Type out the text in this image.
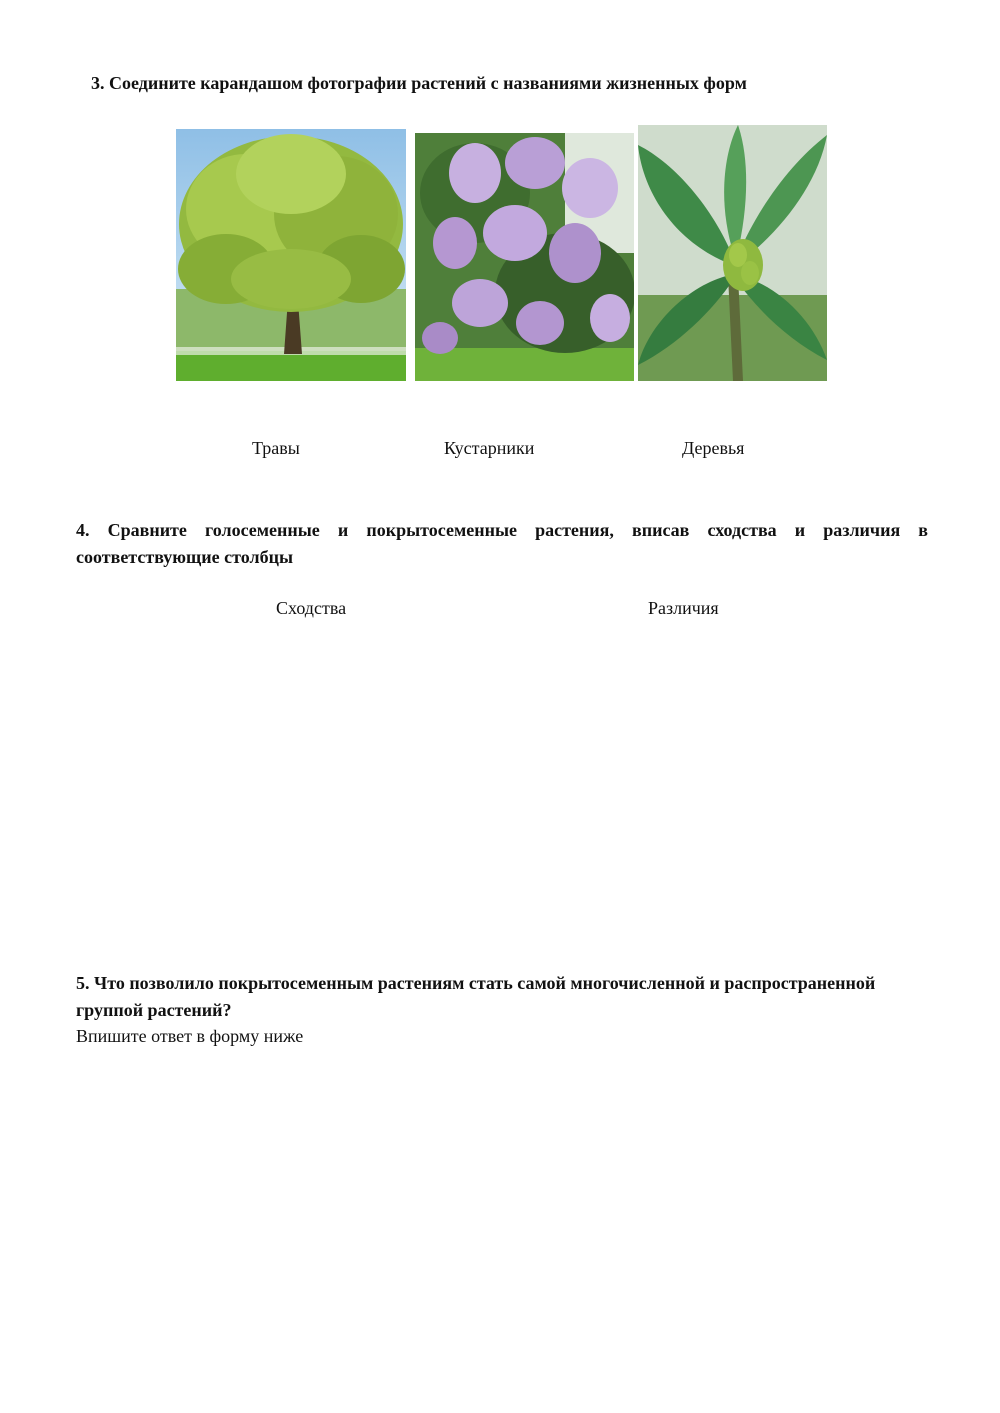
3. Соедините карандашом фотографии растений с названиями жизненных форм

Травы	Кустарники	Деревья

4. Сравните голосеменные и покрытосеменные растения, вписав сходства и различия в соответствующие столбцы

Сходства	Различия

5. Что позволило покрытосеменным растениям стать самой многочисленной и распространенной группой растений?

Впишите ответ в форму ниже
